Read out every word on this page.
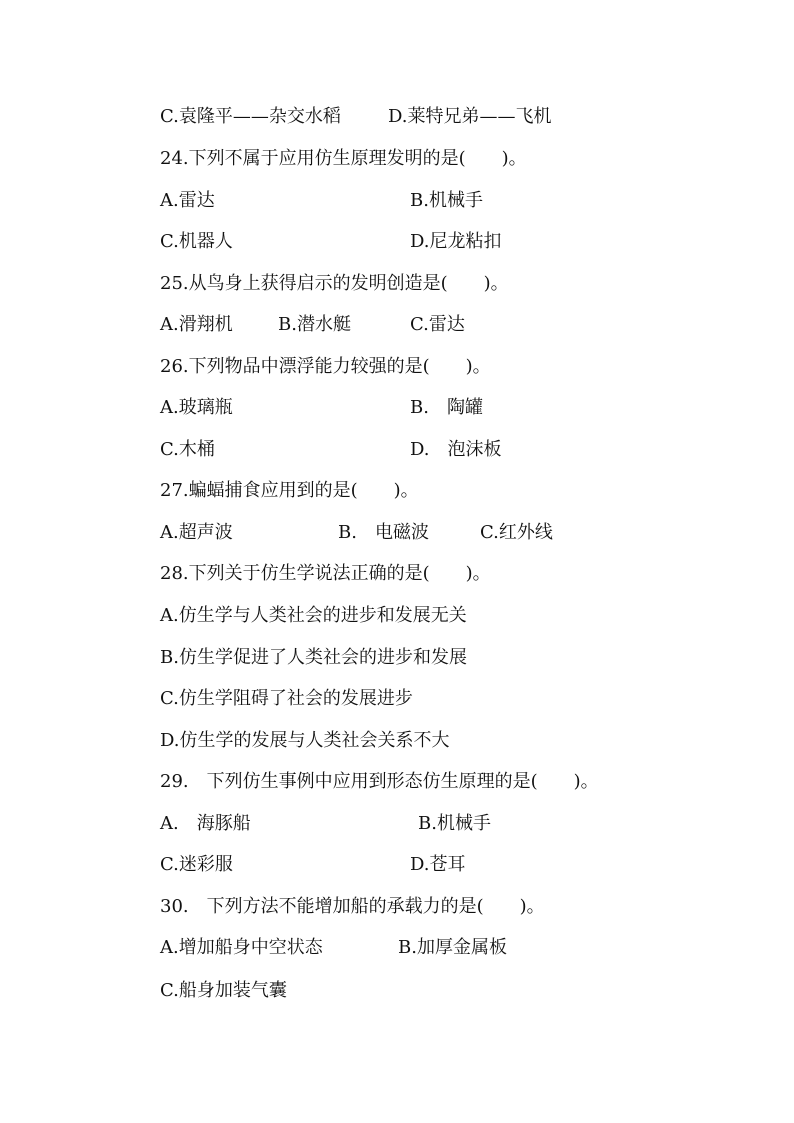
C.袁隆平——杂交水稻	D.莱特兄弟——飞机
24.下列不属于应用仿生原理发明的是(　　)。
A.雷达	B.机械手
C.机器人	D.尼龙粘扣
25.从鸟身上获得启示的发明创造是(　　)。
A.滑翔机	B.潜水艇	C.雷达
26.下列物品中漂浮能力较强的是(　　)。
A.玻璃瓶	B.　陶罐
C.木桶	D.　泡沫板
27.蝙蝠捕食应用到的是(　　)。
A.超声波	B.　电磁波	C.红外线
28.下列关于仿生学说法正确的是(　　)。
A.仿生学与人类社会的进步和发展无关
B.仿生学促进了人类社会的进步和发展
C.仿生学阻碍了社会的发展进步
D.仿生学的发展与人类社会关系不大
29.　下列仿生事例中应用到形态仿生原理的是(　　)。
A.　海豚船	B.机械手
C.迷彩服	D.苍耳
30.　下列方法不能增加船的承载力的是(　　)。
A.增加船身中空状态	B.加厚金属板
C.船身加装气囊
